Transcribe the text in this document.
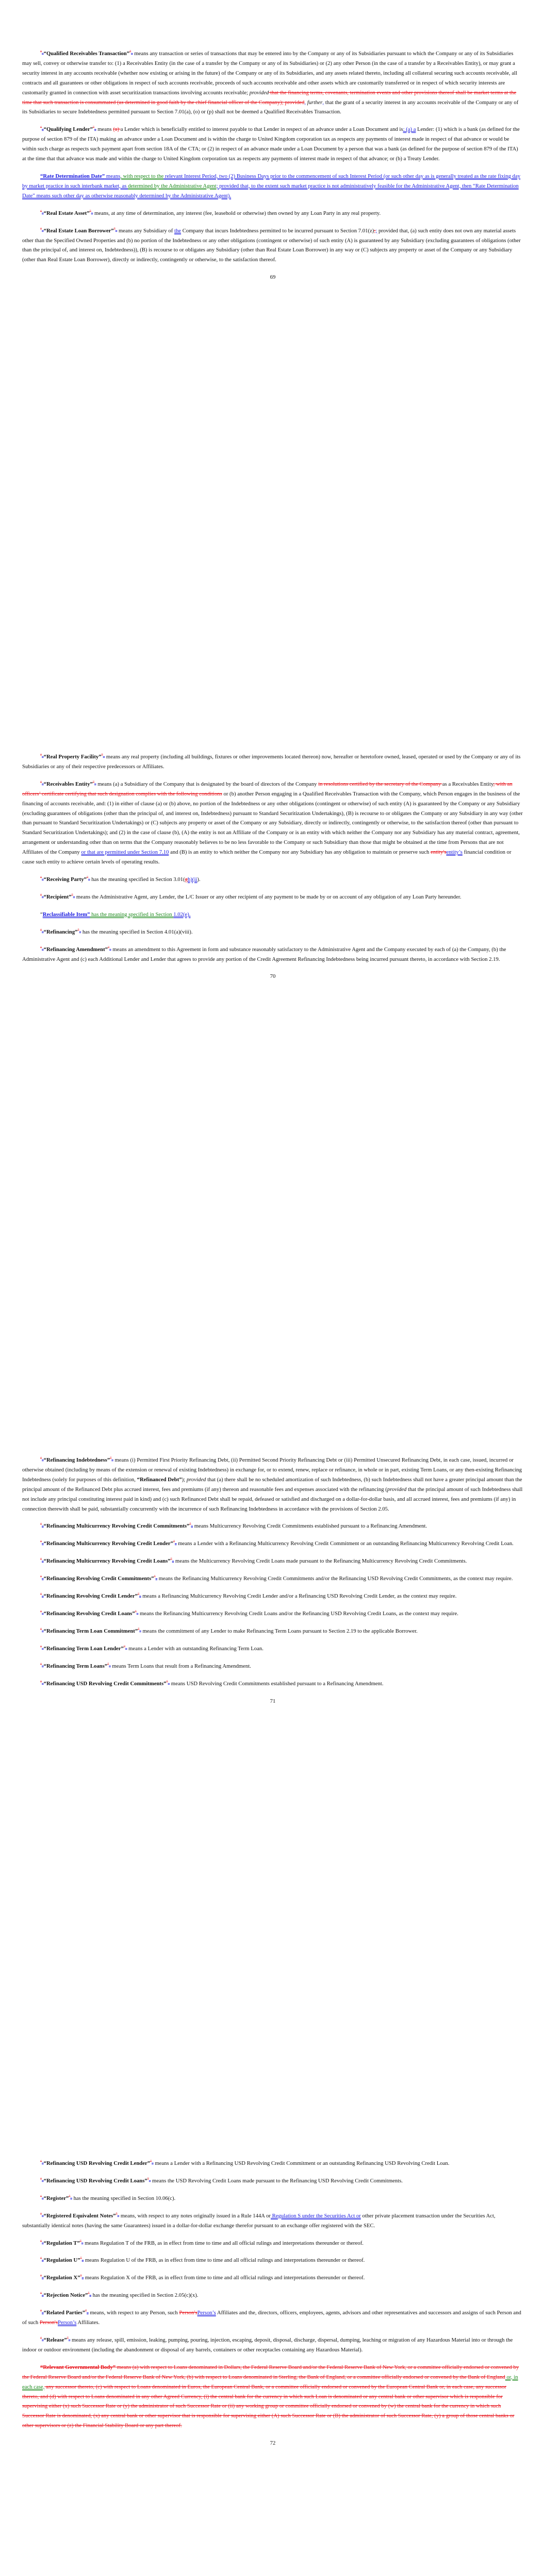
“_“Qualified Receivables Transaction””_ means any transaction or series of transactions that may be entered into by the Company or any of its Subsidiaries pursuant to which the Company or any of its Subsidiaries may sell, convey or otherwise transfer to: (1) a Receivables Entity (in the case of a transfer by the Company or any of its Subsidiaries) or (2) any other Person (in the case of a transfer by a Receivables Entity), or may grant a security interest in any accounts receivable (whether now existing or arising in the future) of the Company or any of its Subsidiaries, and any assets related thereto, including all collateral securing such accounts receivable, all contracts and all guarantees or other obligations in respect of such accounts receivable, proceeds of such accounts receivable and other assets which are customarily transferred or in respect of which security interests are customarily granted in connection with asset securitization transactions involving accounts receivable; provided that the financing terms, covenants, termination events and other provisions thereof shall be market terms at the time that such transaction is consummated (as determined in good faith by the chief financial officer of the Company); provided, further, that the grant of a security interest in any accounts receivable of the Company or any of its Subsidiaries to secure Indebtedness permitted pursuant to Section 7.01(a), (o) or (p) shall not be deemed a Qualified Receivables Transaction.

“_“Qualifying Lender””_ means (a) a Lender which is beneficially entitled to interest payable to that Lender in respect of an advance under a Loan Document and is: (a) a Lender: (1) which is a bank (as defined for the purpose of section 879 of the ITA) making an advance under a Loan Document and is within the charge to United Kingdom corporation tax as respects any payments of interest made in respect of that advance or would be within such charge as respects such payment apart from section 18A of the CTA; or (2) in respect of an advance made under a Loan Document by a person that was a bank (as defined for the purpose of section 879 of the ITA) at the time that that advance was made and within the charge to United Kingdom corporation tax as respects any payments of interest made in respect of that advance; or (b) a Treaty Lender.

“Rate Determination Date” means, with respect to the relevant Interest Period, two (2) Business Days prior to the commencement of such Interest Period (or such other day as is generally treated as the rate fixing day by market practice in such interbank market, as determined by the Administrative Agent; provided that, to the extent such market practice is not administratively feasible for the Administrative Agent, then “Rate Determination Date” means such other day as otherwise reasonably determined by the Administrative Agent).

“_“Real Estate Asset””_ means, at any time of determination, any interest (fee, leasehold or otherwise) then owned by any Loan Party in any real property.

“_“Real Estate Loan Borrower””_ means any Subsidiary of the Company that incurs Indebtedness permitted to be incurred pursuant to Section 7.01(z);; provided that, (a) such entity does not own any material assets other than the Specified Owned Properties and (b) no portion of the Indebtedness or any other obligations (contingent or otherwise) of such entity (A) is guaranteed by any Subsidiary (excluding guarantees of obligations (other than the principal of, and interest on, Indebtedness)), (B) is recourse to or obligates any Subsidiary (other than Real Estate Loan Borrower) in any way or (C) subjects any property or asset of the Company or any Subsidiary (other than Real Estate Loan Borrower), directly or indirectly, contingently or otherwise, to the satisfaction thereof.

69

“_“Real Property Facility””_ means any real property (including all buildings, fixtures or other improvements located thereon) now, hereafter or heretofore owned, leased, operated or used by the Company or any of its Subsidiaries or any of their respective predecessors or Affiliates.

“_“Receivables Entity””_ means (a) a Subsidiary of the Company that is designated by the board of directors of the Company in resolutions certified by the secretary of the Company as a Receivables Entity, with an officers’ certificate certifying that such designation complies with the following conditions or (b) another Person engaging in a Qualified Receivables Transaction with the Company, which Person engages in the business of the financing of accounts receivable, and: (1) in either of clause (a) or (b) above, no portion of the Indebtedness or any other obligations (contingent or otherwise) of such entity (A) is guaranteed by the Company or any Subsidiary (excluding guarantees of obligations (other than the principal of, and interest on, Indebtedness) pursuant to Standard Securitization Undertakings), (B) is recourse to or obligates the Company or any Subsidiary in any way (other than pursuant to Standard Securitization Undertakings) or (C) subjects any property or asset of the Company or any Subsidiary, directly or indirectly, contingently or otherwise, to the satisfaction thereof (other than pursuant to Standard Securitization Undertakings); and (2) in the case of clause (b), (A) the entity is not an Affiliate of the Company or is an entity with which neither the Company nor any Subsidiary has any material contract, agreement, arrangement or understanding other than on terms that the Company reasonably believes to be no less favorable to the Company or such Subsidiary than those that might be obtained at the time from Persons that are not Affiliates of the Company or that are permitted under Section 7.10 and (B) is an entity to which neither the Company nor any Subsidiary has any obligation to maintain or preserve such entity'sentity’s financial condition or cause such entity to achieve certain levels of operating results.

“_“Receiving Party””_ has the meaning specified in Section 3.01(gh)(ii).

“_“Recipient””_ means the Administrative Agent, any Lender, the L/C Issuer or any other recipient of any payment to be made by or on account of any obligation of any Loan Party hereunder.

“Reclassifiable Item” has the meaning specified in Section 1.02(e).

“_“Refinancing””_ has the meaning specified in Section 4.01(a)(viii).

“_“Refinancing Amendment””_ means an amendment to this Agreement in form and substance reasonably satisfactory to the Administrative Agent and the Company executed by each of (a) the Company, (b) the Administrative Agent and (c) each Additional Lender and Lender that agrees to provide any portion of the Credit Agreement Refinancing Indebtedness being incurred pursuant thereto, in accordance with Section 2.19.

70

“_“Refinancing Indebtedness””_ means (i) Permitted First Priority Refinancing Debt, (ii) Permitted Second Priority Refinancing Debt or (iii) Permitted Unsecured Refinancing Debt, in each case, issued, incurred or otherwise obtained (including by means of the extension or renewal of existing Indebtedness) in exchange for, or to extend, renew, replace or refinance, in whole or in part, existing Term Loans, or any then-existing Refinancing Indebtedness (solely for purposes of this definition, “Refinanced Debt”); provided that (a) there shall be no scheduled amortization of such Indebtedness, (b) such Indebtedness shall not have a greater principal amount than the principal amount of the Refinanced Debt plus accrued interest, fees and premiums (if any) thereon and reasonable fees and expenses associated with the refinancing (provided that the principal amount of such Indebtedness shall not include any principal constituting interest paid in kind) and (c) such Refinanced Debt shall be repaid, defeased or satisfied and discharged on a dollar-for-dollar basis, and all accrued interest, fees and premiums (if any) in connection therewith shall be paid, substantially concurrently with the incurrence of such Refinancing Indebtedness in accordance with the provisions of Section 2.05.

“_“Refinancing Multicurrency Revolving Credit Commitments””_ means Multicurrency Revolving Credit Commitments established pursuant to a Refinancing Amendment.

“_“Refinancing Multicurrency Revolving Credit Lender””_ means a Lender with a Refinancing Multicurrency Revolving Credit Commitment or an outstanding Refinancing Multicurrency Revolving Credit Loan.

“_“Refinancing Multicurrency Revolving Credit Loans””_ means the Multicurrency Revolving Credit Loans made pursuant to the Refinancing Multicurrency Revolving Credit Commitments.

“_“Refinancing Revolving Credit Commitments””_ means the Refinancing Multicurrency Revolving Credit Commitments and/or the Refinancing USD Revolving Credit Commitments, as the context may require.

“_“Refinancing Revolving Credit Lender””_ means a Refinancing Multicurrency Revolving Credit Lender and/or a Refinancing USD Revolving Credit Lender, as the context may require.

“_“Refinancing Revolving Credit Loans””_ means the Refinancing Multicurrency Revolving Credit Loans and/or the Refinancing USD Revolving Credit Loans, as the context may require.

“_“Refinancing Term Loan Commitment””_ means the commitment of any Lender to make Refinancing Term Loans pursuant to Section 2.19 to the applicable Borrower.

“_“Refinancing Term Loan Lender””_ means a Lender with an outstanding Refinancing Term Loan.

“_“Refinancing Term Loans””_ means Term Loans that result from a Refinancing Amendment.

“_“Refinancing USD Revolving Credit Commitments””_ means USD Revolving Credit Commitments established pursuant to a Refinancing Amendment.

71

“_“Refinancing USD Revolving Credit Lender””_ means a Lender with a Refinancing USD Revolving Credit Commitment or an outstanding Refinancing USD Revolving Credit Loan.

“_“Refinancing USD Revolving Credit Loans””_ means the USD Revolving Credit Loans made pursuant to the Refinancing USD Revolving Credit Commitments.

“_“Register””_ has the meaning specified in Section 10.06(c).

“_“Registered Equivalent Notes””_ means, with respect to any notes originally issued in a Rule 144A or Regulation S under the Securities Act or other private placement transaction under the Securities Act, substantially identical notes (having the same Guarantees) issued in a dollar-for-dollar exchange therefor pursuant to an exchange offer registered with the SEC.

“_“Regulation T””_ means Regulation T of the FRB, as in effect from time to time and all official rulings and interpretations thereunder or thereof.

“_“Regulation U””_ means Regulation U of the FRB, as in effect from time to time and all official rulings and interpretations thereunder or thereof.

“_“Regulation X””_ means Regulation X of the FRB, as in effect from time to time and all official rulings and interpretations thereunder or thereof.

“_“Rejection Notice””_ has the meaning specified in Section 2.05(c)(x).

“_“Related Parties””_ means, with respect to any Person, such Person'sPerson’s Affiliates and the, directors, officers, employees, agents, advisors and other representatives and successors and assigns of such Person and of such Person'sPerson’s Affiliates.

“_“Release””_ means any release, spill, emission, leaking, pumping, pouring, injection, escaping, deposit, disposal, discharge, dispersal, dumping, leaching or migration of any Hazardous Material into or through the indoor or outdoor environment (including the abandonment or disposal of any barrels, containers or other receptacles containing any Hazardous Material).

“Relevant Governmental Body” means (a) with respect to Loans denominated in Dollars, the Federal Reserve Board and/or the Federal Reserve Bank of New York, or a committee officially endorsed or convened by the Federal Reserve Board and/or the Federal Reserve Bank of New York, (b) with respect to Loans denominated in Sterling, the Bank of England, or a committee officially endorsed or convened by the Bank of England or, in each case, any successor thereto, (c) with respect to Loans denominated in Euros, the European Central Bank, or a committee officially endorsed or convened by the European Central Bank or, in each case, any successor thereto, and (d) with respect to Loans denominated in any other Agreed Currency, (i) the central bank for the currency in which such Loan is denominated or any central bank or other supervisor which is responsible for supervising either (x) such Successor Rate or (y) the administrator of such Successor Rate or (ii) any working group or committee officially endorsed or convened by (w) the central bank for the currency in which such Successor Rate is denominated, (x) any central bank or other supervisor that is responsible for supervising either (A) such Successor Rate or (B) the administrator of such Successor Rate, (y) a group of those central banks or other supervisors or (z) the Financial Stability Board or any part thereof.

72
